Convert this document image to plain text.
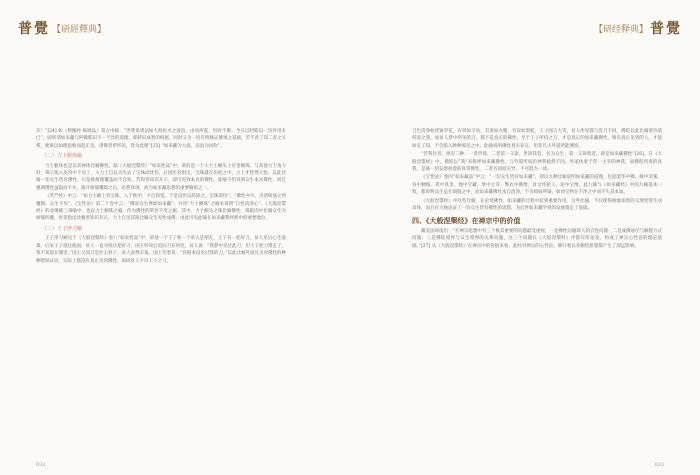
普覺 【研經釋典】

开！”[24] 如《楞伽经·偈颂品》第五中载：“世尊说诸法如大海恒水之波浪，由风所起，恒时不断。今日以阿耶识一切作用未已”，即所谓如来藏与阿赖耶识不一不异的道理，即转识成智的根据，同时又为一切有情修证佛果之基础，若不善了知二者之关系，便难以如理思惟而起正见。诸佛菩萨所说，皆为此理”[25] “如来藏为大海，识浪为风吹”。

（二）力士躯体喻

力士躯体也是以其神体比喻佛性。据《大般涅槃经》“如来性品”中，讲的是一个大力士额头上有金刚珠，与其他力士角力时，珠子陷入皮肉中不见了，大力士自以为失去了宝珠而忧伤，后因医者指出，宝珠就在伤疤之中，力士才恍然大悟。以此比喻一切众生皆有佛性，只是被烦恼覆盖而不自知，若得善知识开示，即可见到本具的佛性。此喻不但说明众生本具佛性，而且强调佛性虽隐而不失，离开烦恼覆障之后，必然显现，故为如来藏思想的重要喻依之一。

《华严经》中云：“如力士额上有宝珠，入于肤中，不自知觉。于是良医以药涂之，宝珠即出”，“佛性亦尔，为诸烦恼之所覆障，众生不见”。《宝性论》第二十卷中云：“佛说众生界即如来藏”，并用“力士额珠”之喻来说明“自性清净心”。《大般涅槃经》的贪嗔痴三毒喻中，也以力士额珠之喻，作为佛性的常住不变之据。其中，力士额头之珠比喻佛性，珠陷肉中比喻众生为烦恼所覆，医者指出比喻善知识开示，力士自见其珠比喻众生见性成佛，由此可见此喻在如来藏系经典中的重要地位。

（三）王子净刀喻

王子净刀喻见于《大般涅槃经》卷八“如来性品”中，讲述一个王子和一个贫人是朋友，王子有一把好刀，贫人见后心生爱慕。后来王子逃往他国，贫人一直寻找这把好刀，国王听说后追问刀在何处，贫人说：“我梦中见过此刀，但王子把刀带走了，我不知道在哪里。”国王又问刀是什么样子，贫人说像羊角。国王笑着说：“你根本没见过我的刀。”以此比喻外道凡夫对佛性的种种错误认识，实际上都没有真正见到佛性，如同贫人不识王子之刀。

032
【研经释典】 普覺

刀色清净如优钵罗花，有说如羊角，有说如火聚，有说如黑蛇，王子闻言大笑，贫人所说都与真刀不同。佛陀以此比喻诸外道所说之我，如贫人梦中所见的刀，都不是真正的佛性。至于王子所持之刀，才是真正的如来藏佛性，唯有真正见到的人，才能如实了知，不会陷入种种邪见之中。此喻说明佛性真实存在，但非凡夫外道所能测度。

“若我住者，则有二种：一者世谛，二者第一义谛。世谛我者，名为众生；第一义谛我者，即是如来藏佛性”[26]。在《大般涅槃经》中，佛陀以“我”来称呼如来藏佛性，与外道所说的神我截然不同。外道执着于常一主宰的神我，而佛陀所说的真我，是离一切妄想执着的真常佛性，二者名同而实异，不可混为一谈。

《宝性论》卷四“如来藏品”中云：“一切众生皆有如来藏”，即以九种比喻说明如来藏的道理，包括萎华中佛、蜂中美蜜、谷中粳粮、粪中真金、地中宝藏、果中之芽、弊衣中佛像、贫女怀轮王、泥中宝像。此九喻与《如来藏经》中的九喻基本一致，都说明众生虽在烦恼之中，而如来藏佛性本自清净，不为烦恼所染，如同宝物在不净之中而不失其本质。

《大般涅槃经》中这些比喻，在论述佛性、如来藏的过程中起到重要作用。这些比喻，不仅使得抽象深奥的义理变得生动具体，而且有力地论证了一切众生皆有佛性的思想，为后世如来藏学说的发展奠定了基础。

四、《大般涅槃经》在禅宗中的价值

藏美法师指出：“在禅宗思想中有三个极其重要的问题最受重视，一是佛性问题即人的自性问题；二是成佛途径与解脱方式问题；三是佛陀境界与众生境界的关系问题，这三个问题在《大般涅槃经》中都有所论及，构成了禅宗心性论的理论基础。”[27] 从《大般涅槃经》在禅宗中的价值来看，此经对禅宗的心性论、修行观以及顿悟思想都产生了深远影响。

033
